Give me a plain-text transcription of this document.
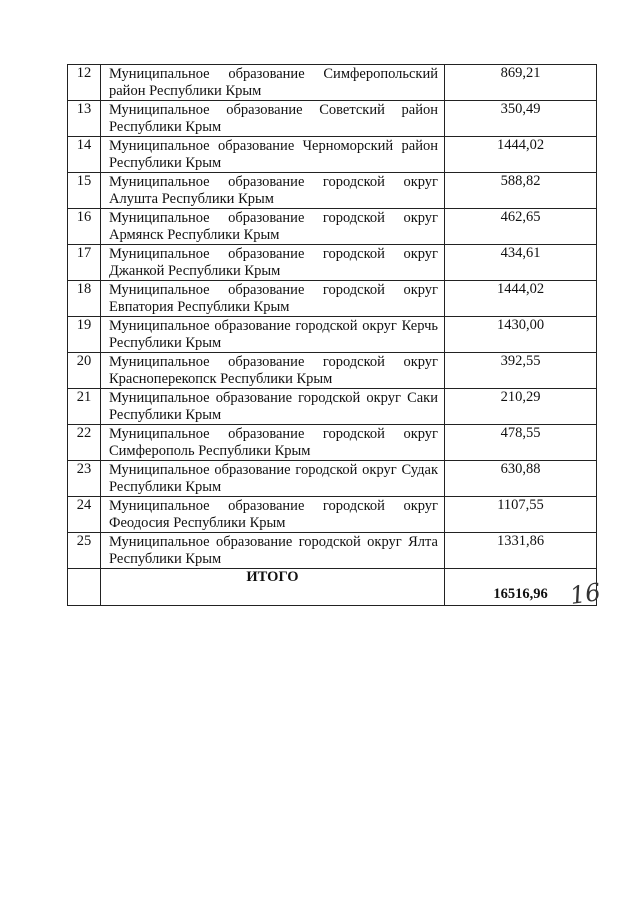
12	Муниципальное образование Симферопольский район Республики Крым	869,21
13	Муниципальное образование Советский район Республики Крым	350,49
14	Муниципальное образование Черноморский район Республики Крым	1444,02
15	Муниципальное образование городской округ Алушта Республики Крым	588,82
16	Муниципальное образование городской округ Армянск Республики Крым	462,65
17	Муниципальное образование городской округ Джанкой Республики Крым	434,61
18	Муниципальное образование городской округ Евпатория Республики Крым	1444,02
19	Муниципальное образование городской округ Керчь Республики Крым	1430,00
20	Муниципальное образование городской округ Красноперекопск Республики Крым	392,55
21	Муниципальное образование городской округ Саки Республики Крым	210,29
22	Муниципальное образование городской округ Симферополь Республики Крым	478,55
23	Муниципальное образование городской округ Судак Республики Крым	630,88
24	Муниципальное образование городской округ Феодосия Республики Крым	1107,55
25	Муниципальное образование городской округ Ялта Республики Крым	1331,86
	ИТОГО	16516,96 16
